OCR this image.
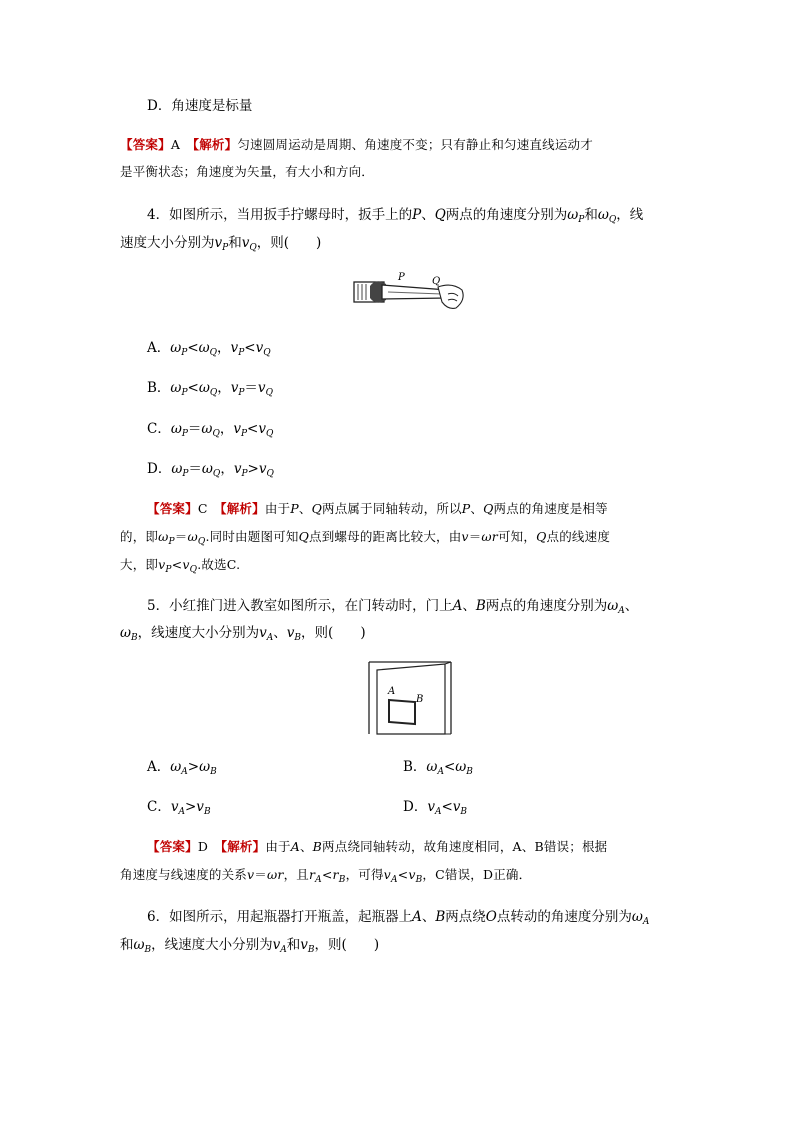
D．角速度是标量
【答案】A　 【解析】匀速圆周运动是周期、角速度不变；只有静止和匀速直线运动才
是平衡状态；角速度为矢量，有大小和方向．
4．如图所示，当用扳手拧螺母时，扳手上的P、Q两点的角速度分别为$\omega_P$和$\omega_Q$，线
速度大小分别为$v_P$和$v_Q$，则(　　)
P	Q
A．$\omega_P<\omega_Q$，$v_P<v_Q$
B．$\omega_P<\omega_Q$，$v_P=v_Q$
C．$\omega_P=\omega_Q$，$v_P<v_Q$
D．$\omega_P=\omega_Q$，$v_P>v_Q$
【答案】C　 【解析】由于P、Q两点属于同轴转动，所以P、Q两点的角速度是相等
的，即$\omega_P=\omega_Q$.同时由题图可知Q点到螺母的距离比较大，由v＝ωr可知，Q点的线速度
大，即$v_P<v_Q$.故选C.
5．小红推门进入教室如图所示，在门转动时，门上A、B两点的角速度分别为$\omega_A$、
$\omega_B$，线速度大小分别为$v_A$、$v_B$，则(　　)
A
B
A．$\omega_A>\omega_B$	B．$\omega_A<\omega_B$
C．$v_A>v_B$	D．$v_A<v_B$
【答案】D　 【解析】由于A、B两点绕同轴转动，故角速度相同，A、B错误；根据
角速度与线速度的关系v＝ωr，且$r_A<r_B$，可得$v_A<v_B$，C错误，D正确．
6．如图所示，用起瓶器打开瓶盖，起瓶器上A、B两点绕O点转动的角速度分别为$\omega_A$
和$\omega_B$，线速度大小分别为$v_A$和$v_B$，则(　　)
